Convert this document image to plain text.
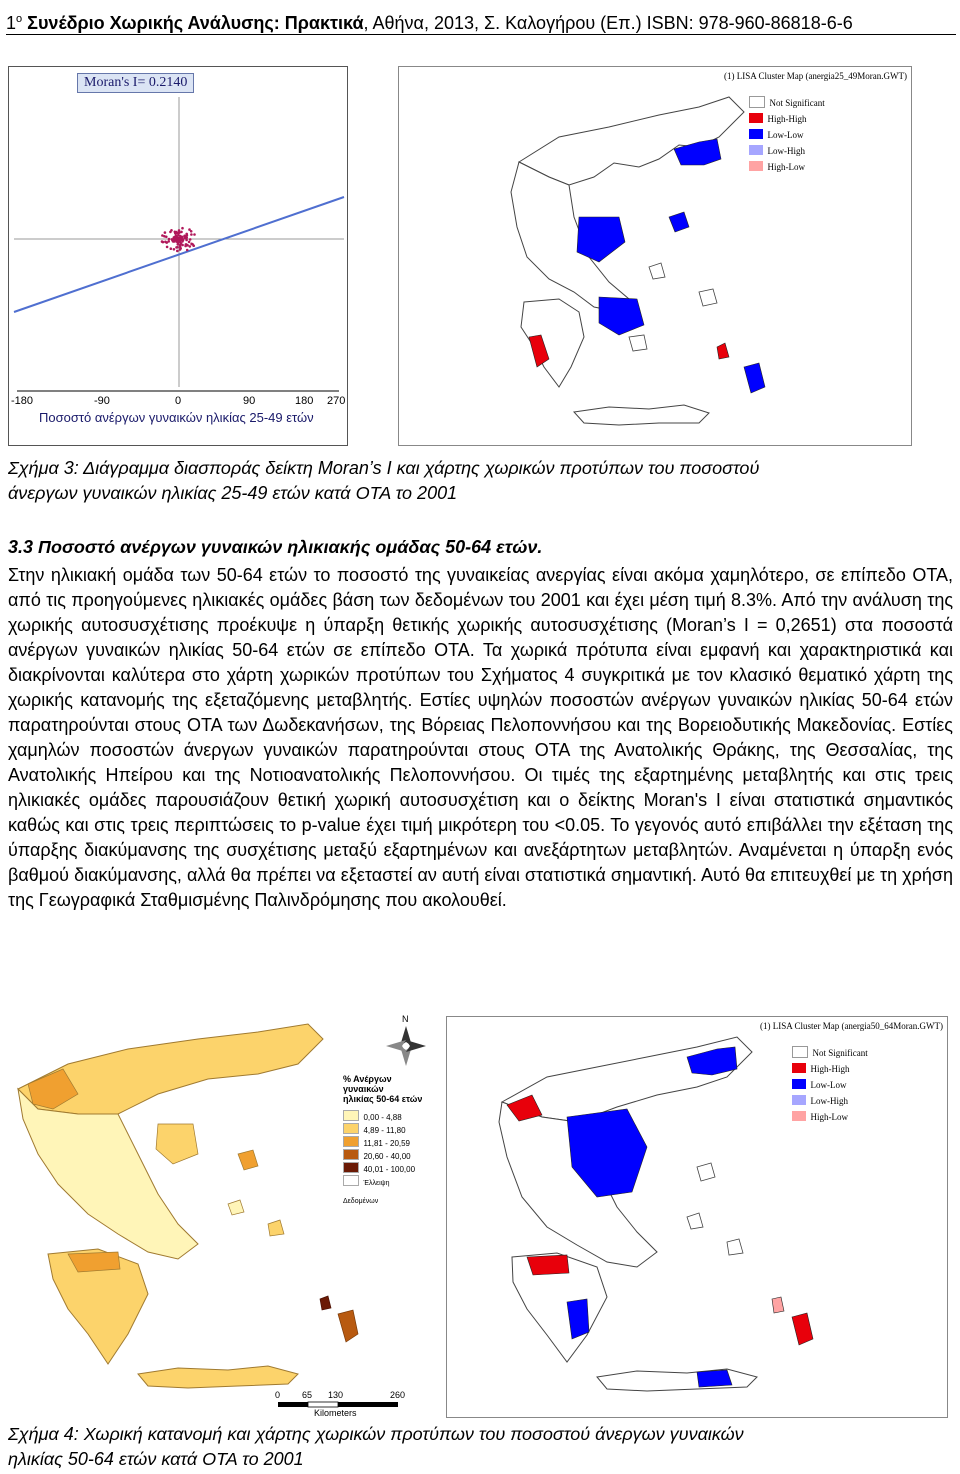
$1^o$ Συνέδριο Χωρικής Ανάλυσης: Πρακτικά, Αθήνα, 2013, Σ. Καλογήρου (Επ.) ISBN: 978-960-86818-6-6
Moran's I= 0.2140
-180	-90	0	90	180 270
Ποσοστό ανέργων γυναικών ηλικίας 25-49 ετών
(1) LISA Cluster Map (anergia25_49Moran.GWT)
Not Significant
High-High
Low-Low
Low-High
High-Low
Σχήμα 3: Διάγραμμα διασποράς δείκτη Moran’s I και χάρτης χωρικών προτύπων του ποσοστού
άνεργων γυναικών ηλικίας 25-49 ετών κατά ΟΤΑ το 2001
3.3 Ποσοστό ανέργων γυναικών ηλικιακής ομάδας 50-64 ετών.
Στην ηλικιακή ομάδα των 50-64 ετών το ποσοστό της γυναικείας ανεργίας είναι ακόμα χαμηλότερο, σε επίπεδο ΟΤΑ, από τις προηγούμενες ηλικιακές ομάδες βάση των δεδομένων του 2001 και έχει μέση τιμή 8.3%. Από την ανάλυση της χωρικής αυτοσυσχέτισης προέκυψε η ύπαρξη θετικής χωρικής αυτοσυσχέτισης (Moran’s I = 0,2651) στα ποσοστά ανέργων γυναικών ηλικίας 50-64 ετών σε επίπεδο ΟΤΑ. Τα χωρικά πρότυπα είναι εμφανή και χαρακτηριστικά και διακρίνονται καλύτερα στο χάρτη χωρικών προτύπων του Σχήματος 4 συγκριτικά με τον κλασικό θεματικό χάρτη της χωρικής κατανομής της εξεταζόμενης μεταβλητής. Εστίες υψηλών ποσοστών ανέργων γυναικών ηλικίας 50-64 ετών παρατηρούνται στους ΟΤΑ των Δωδεκανήσων, της Βόρειας Πελοποννήσου και της Βορειοδυτικής Μακεδονίας. Εστίες χαμηλών ποσοστών άνεργων γυναικών παρατηρούνται στους ΟΤΑ της Ανατολικής Θράκης, της Θεσσαλίας, της Ανατολικής Ηπείρου και της Νοτιοανατολικής Πελοποννήσου. Οι τιμές της εξαρτημένης μεταβλητής και στις τρεις ηλικιακές ομάδες παρουσιάζουν θετική χωρική αυτοσυσχέτιση και ο δείκτης Moran's I είναι στατιστικά σημαντικός καθώς και στις τρεις περιπτώσεις το p-value έχει τιμή μικρότερη του <0.05. Το γεγονός αυτό επιβάλλει την εξέταση της ύπαρξης διακύμανσης της συσχέτισης μεταξύ εξαρτημένων και ανεξάρτητων μεταβλητών. Αναμένεται η ύπαρξη ενός βαθμού διακύμανσης, αλλά θα πρέπει να εξεταστεί αν αυτή είναι στατιστικά σημαντική. Αυτό θα επιτευχθεί με τη χρήση της Γεωγραφικά Σταθμισμένης Παλινδρόμησης που ακολουθεί.
N
0 65 130	260
Kilometers
% Ανέργων γυναικών
ηλικίας 50-64 ετών
0,00 - 4,88
4,89 - 11,80
11,81 - 20,59
20,60 - 40,00
40,01 - 100,00
Έλλειψη Δεδομένων
(1) LISA Cluster Map (anergia50_64Moran.GWT)
Not Significant
High-High
Low-Low
Low-High
High-Low
Σχήμα 4: Χωρική κατανομή και χάρτης χωρικών προτύπων του ποσοστού άνεργων γυναικών
ηλικίας 50-64 ετών κατά ΟΤΑ το 2001
